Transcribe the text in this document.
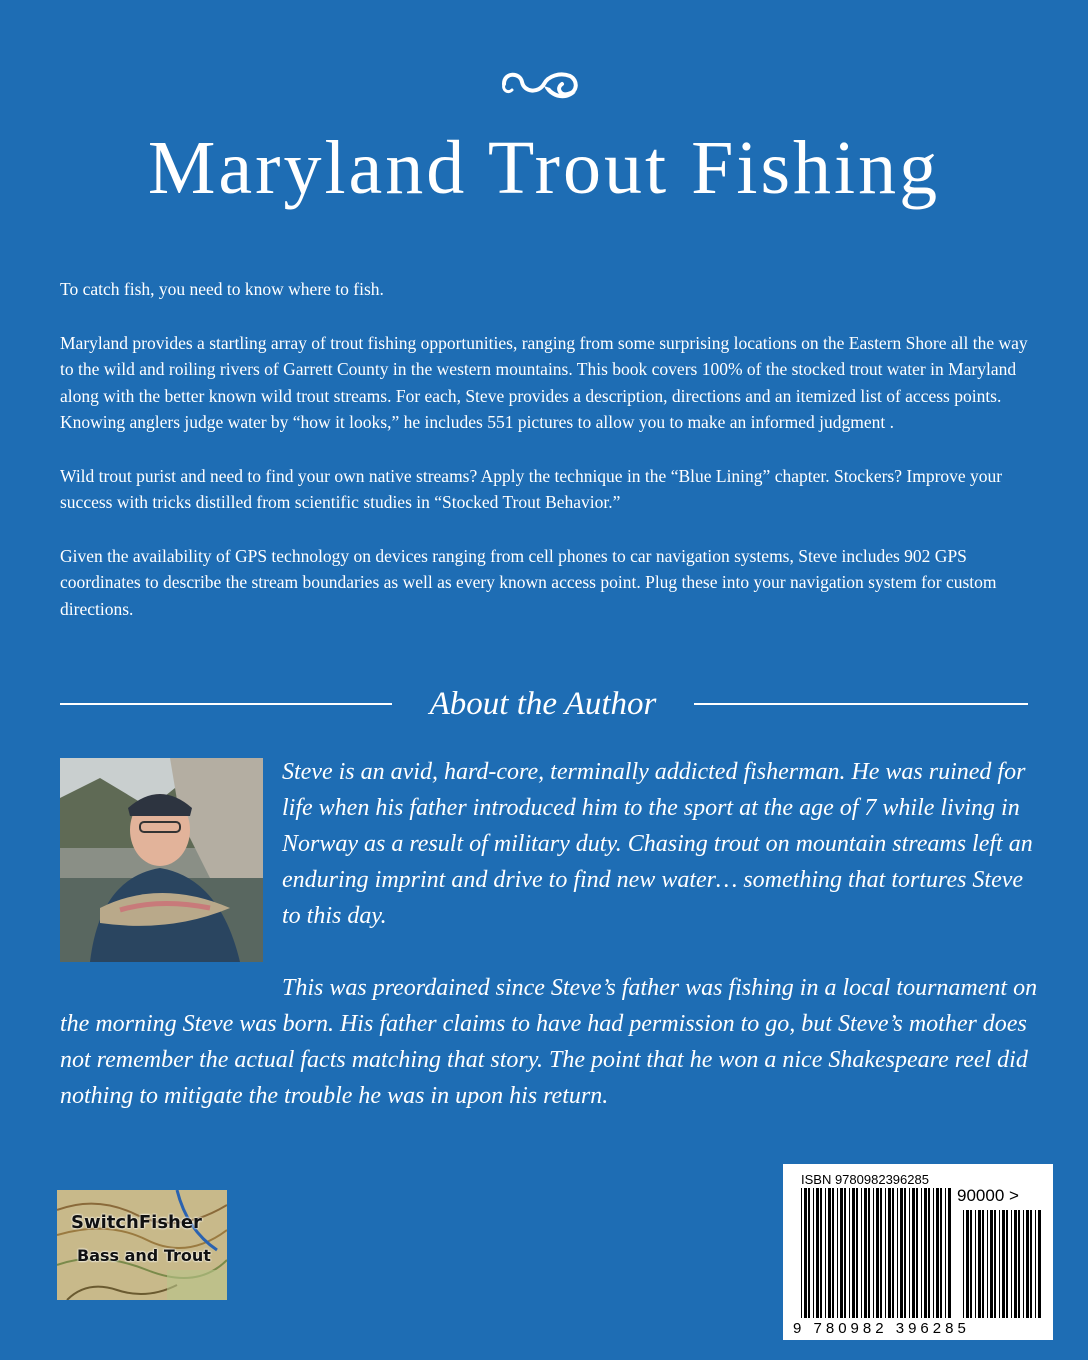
Maryland Trout Fishing

To catch fish, you need to know where to fish.

Maryland provides a startling array of trout fishing opportunities, ranging from some surprising locations on the Eastern Shore all the way to the wild and roiling rivers of Garrett County in the western mountains. This book covers 100% of the stocked trout water in Maryland along with the better known wild trout streams. For each, Steve provides a description, directions and an itemized list of access points. Knowing anglers judge water by “how it looks,” he includes 551 pictures to allow you to make an informed judgment .

Wild trout purist and need to find your own native streams? Apply the technique in the “Blue Lining” chapter. Stockers? Improve your success with tricks distilled from scientific studies in “Stocked Trout Behavior.”

Given the availability of GPS technology on devices ranging from cell phones to car navigation systems, Steve includes 902 GPS coordinates to describe the stream boundaries as well as every known access point. Plug these into your navigation system for custom directions.

About the Author

Steve is an avid, hard-core, terminally addicted fisherman. He was ruined for life when his father introduced him to the sport at the age of 7 while living in Norway as a result of military duty. Chasing trout on mountain streams left an enduring imprint and drive to find new water… something that tortures Steve to this day.

This was preordained since Steve’s father was fishing in a local tournament on the morning Steve was born. His father claims to have had permission to go, but Steve’s mother does not remember the actual facts matching that story. The point that he won a nice Shakespeare reel did nothing to mitigate the trouble he was in upon his return.

SwitchFisher
Bass and Trout
ISBN 9780982396285
90000 >
9 780982 396285
